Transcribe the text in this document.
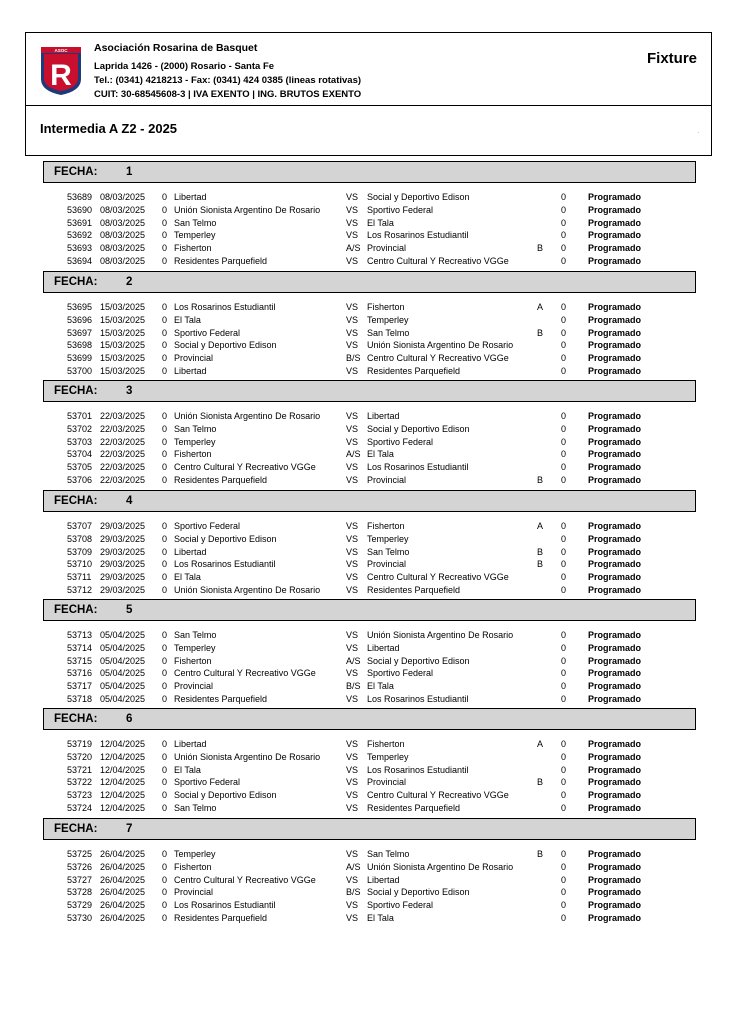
ASOC
R
Asociación Rosarina de Basquet
Laprida 1426 - (2000) Rosario - Santa Fe
Tel.: (0341) 4218213 - Fax: (0341) 424 0385 (lineas rotativas)
CUIT: 30-68545608-3 | IVA EXENTO | ING. BRUTOS EXENTO
Fixture
Intermedia A Z2 - 2025	.
FECHA: 1
53689 08/03/2025 0 Libertad	VS Social y Deportivo Edison	0 Programado
53690 08/03/2025 0 Unión Sionista Argentino De Rosario	VS Sportivo Federal	0 Programado
53691 08/03/2025 0 San Telmo	VS El Tala	0 Programado
53692 08/03/2025 0 Temperley	VS Los Rosarinos Estudiantil	0 Programado
53693 08/03/2025 0 Fisherton	A/S Provincial	B 0 Programado
53694 08/03/2025 0 Residentes Parquefield	VS Centro Cultural Y Recreativo VGGe	0 Programado
FECHA: 2
53695 15/03/2025 0 Los Rosarinos Estudiantil	VS Fisherton	A 0 Programado
53696 15/03/2025 0 El Tala	VS Temperley	0 Programado
53697 15/03/2025 0 Sportivo Federal	VS San Telmo	B 0 Programado
53698 15/03/2025 0 Social y Deportivo Edison	VS Unión Sionista Argentino De Rosario	0 Programado
53699 15/03/2025 0 Provincial	B/S Centro Cultural Y Recreativo VGGe	0 Programado
53700 15/03/2025 0 Libertad	VS Residentes Parquefield	0 Programado
FECHA: 3
53701 22/03/2025 0 Unión Sionista Argentino De Rosario	VS Libertad	0 Programado
53702 22/03/2025 0 San Telmo	VS Social y Deportivo Edison	0 Programado
53703 22/03/2025 0 Temperley	VS Sportivo Federal	0 Programado
53704 22/03/2025 0 Fisherton	A/S El Tala	0 Programado
53705 22/03/2025 0 Centro Cultural Y Recreativo VGGe	VS Los Rosarinos Estudiantil	0 Programado
53706 22/03/2025 0 Residentes Parquefield	VS Provincial	B 0 Programado
FECHA: 4
53707 29/03/2025 0 Sportivo Federal	VS Fisherton	A 0 Programado
53708 29/03/2025 0 Social y Deportivo Edison	VS Temperley	0 Programado
53709 29/03/2025 0 Libertad	VS San Telmo	B 0 Programado
53710 29/03/2025 0 Los Rosarinos Estudiantil	VS Provincial	B 0 Programado
53711 29/03/2025 0 El Tala	VS Centro Cultural Y Recreativo VGGe	0 Programado
53712 29/03/2025 0 Unión Sionista Argentino De Rosario	VS Residentes Parquefield	0 Programado
FECHA: 5
53713 05/04/2025 0 San Telmo	VS Unión Sionista Argentino De Rosario	0 Programado
53714 05/04/2025 0 Temperley	VS Libertad	0 Programado
53715 05/04/2025 0 Fisherton	A/S Social y Deportivo Edison	0 Programado
53716 05/04/2025 0 Centro Cultural Y Recreativo VGGe	VS Sportivo Federal	0 Programado
53717 05/04/2025 0 Provincial	B/S El Tala	0 Programado
53718 05/04/2025 0 Residentes Parquefield	VS Los Rosarinos Estudiantil	0 Programado
FECHA: 6
53719 12/04/2025 0 Libertad	VS Fisherton	A 0 Programado
53720 12/04/2025 0 Unión Sionista Argentino De Rosario	VS Temperley	0 Programado
53721 12/04/2025 0 El Tala	VS Los Rosarinos Estudiantil	0 Programado
53722 12/04/2025 0 Sportivo Federal	VS Provincial	B 0 Programado
53723 12/04/2025 0 Social y Deportivo Edison	VS Centro Cultural Y Recreativo VGGe	0 Programado
53724 12/04/2025 0 San Telmo	VS Residentes Parquefield	0 Programado
FECHA: 7
53725 26/04/2025 0 Temperley	VS San Telmo	B 0 Programado
53726 26/04/2025 0 Fisherton	A/S Unión Sionista Argentino De Rosario	0 Programado
53727 26/04/2025 0 Centro Cultural Y Recreativo VGGe	VS Libertad	0 Programado
53728 26/04/2025 0 Provincial	B/S Social y Deportivo Edison	0 Programado
53729 26/04/2025 0 Los Rosarinos Estudiantil	VS Sportivo Federal	0 Programado
53730 26/04/2025 0 Residentes Parquefield	VS El Tala	0 Programado
